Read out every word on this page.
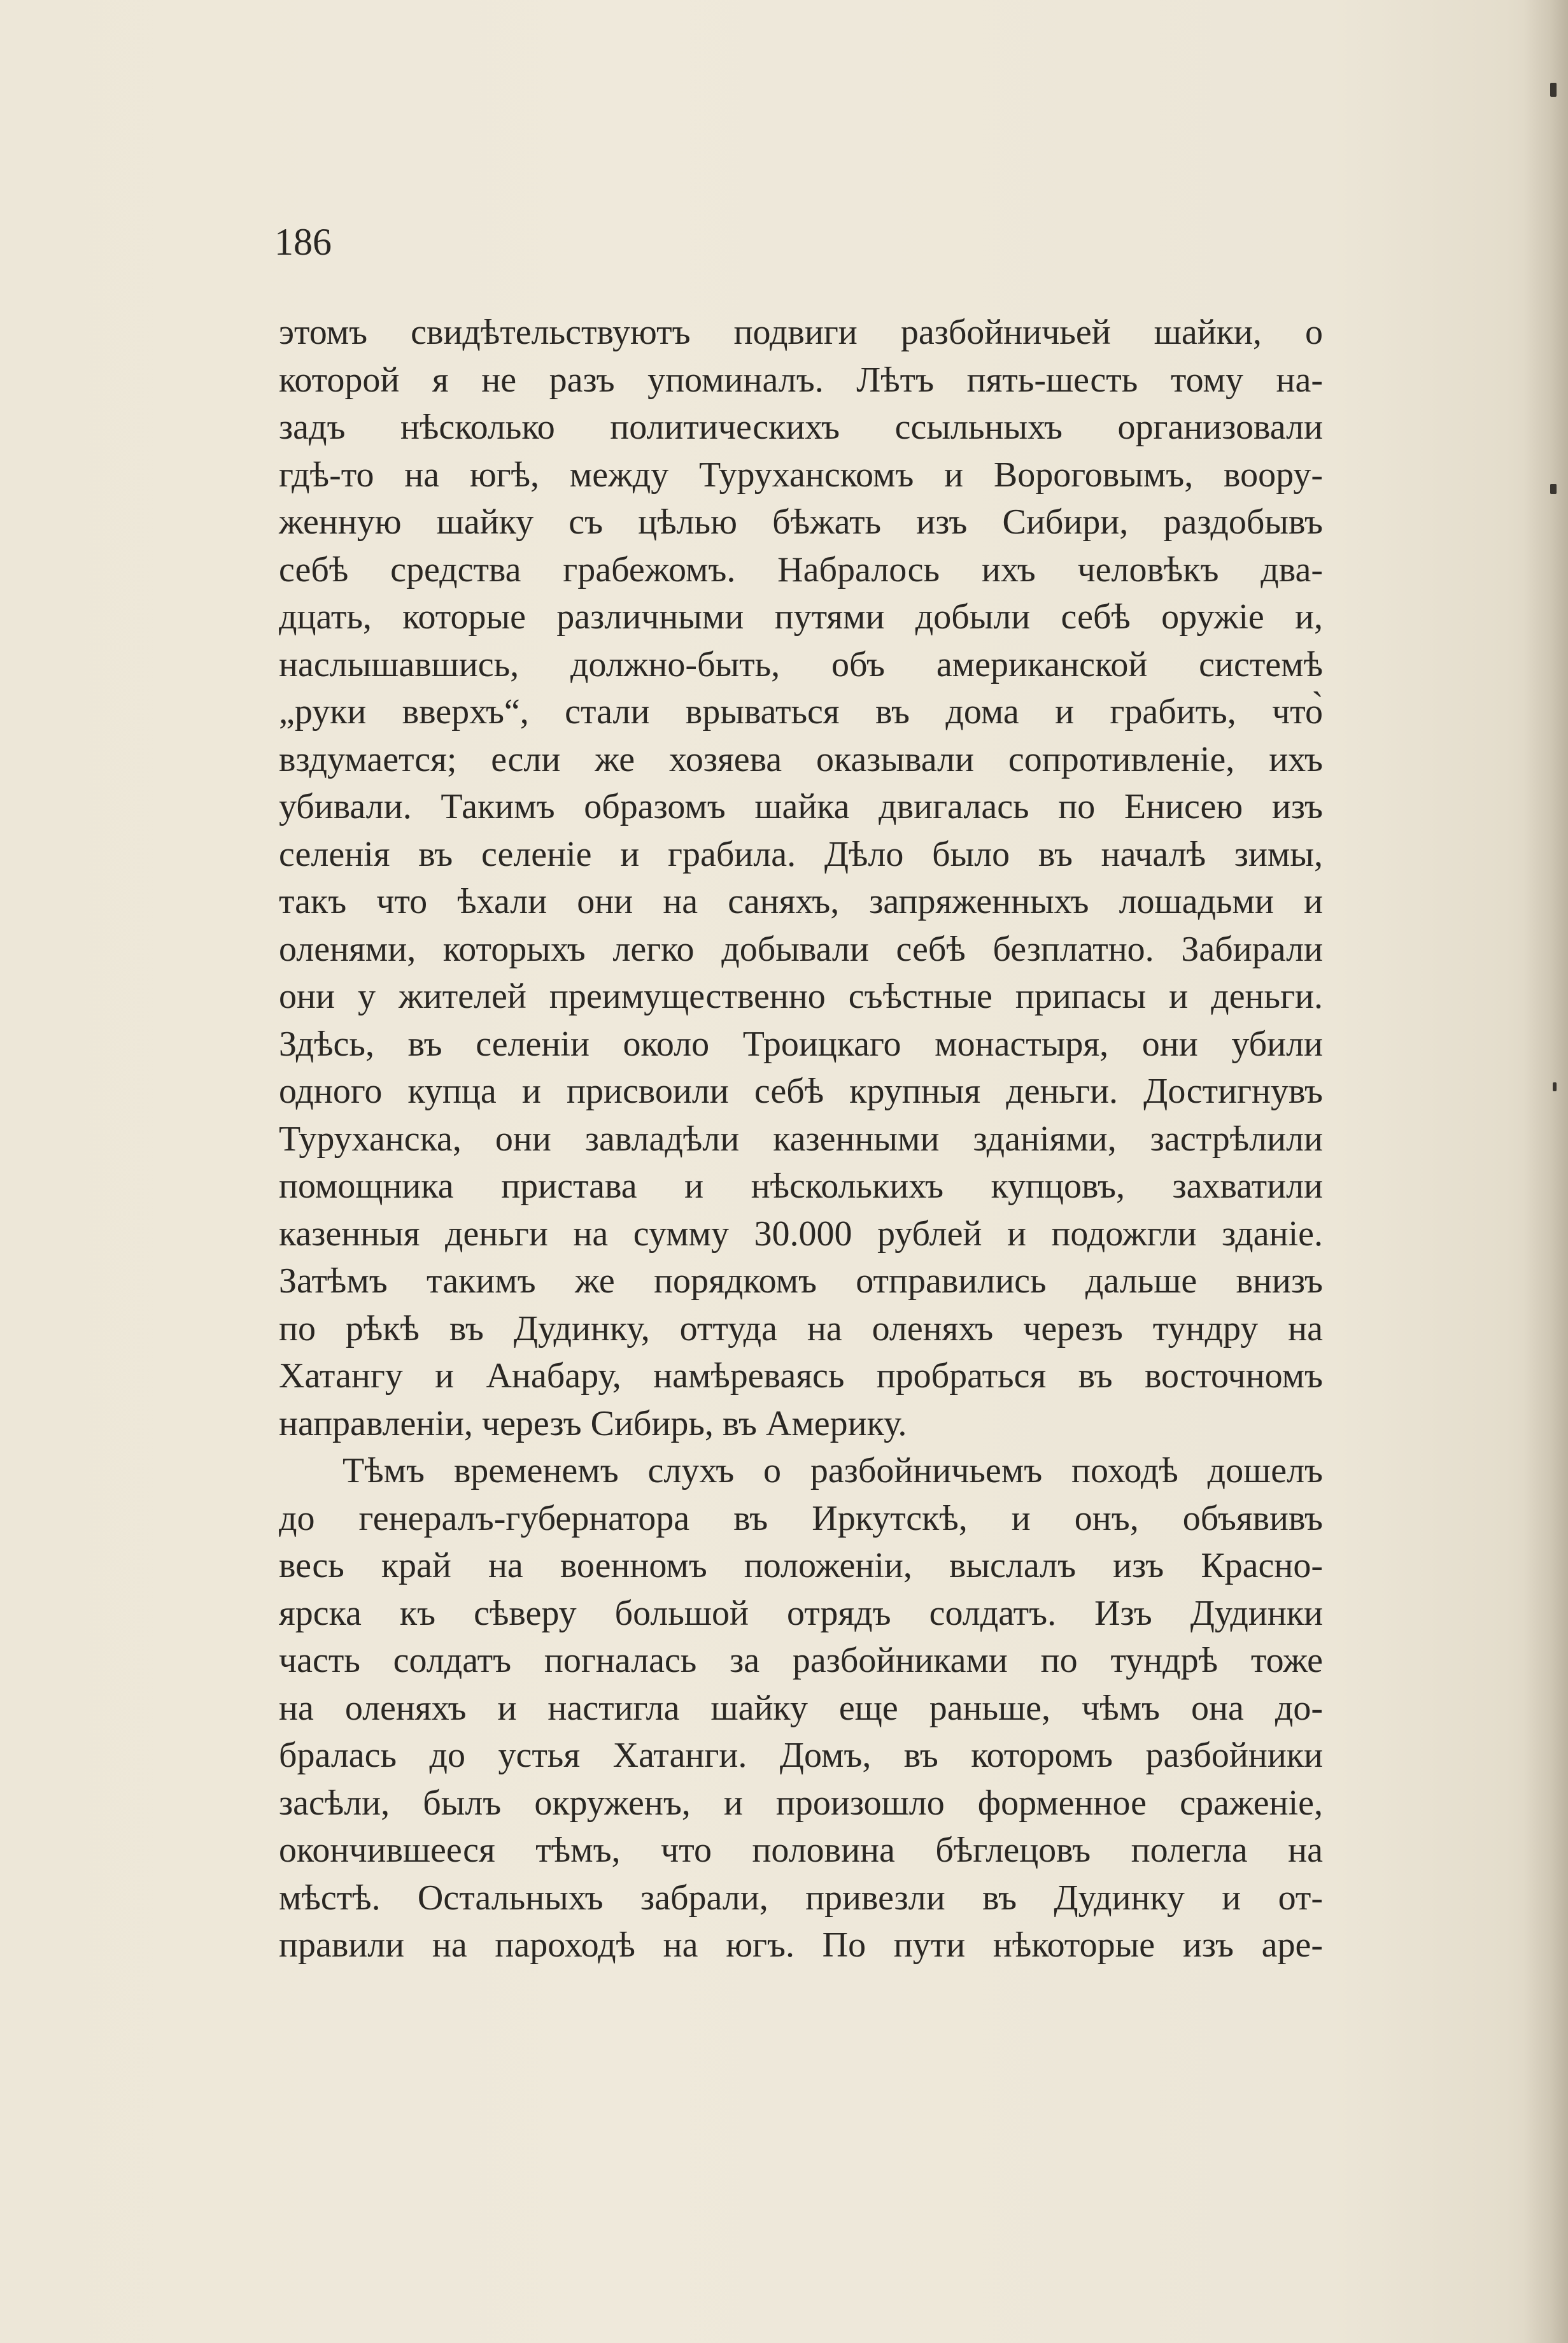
186

этомъ свидѣтельствуютъ подвиги разбойничьей шайки, о
которой я не разъ упоминалъ. Лѣтъ пять-шесть тому на-
задъ нѣсколько политическихъ ссыльныхъ организовали
гдѣ-то на югѣ, между Туруханскомъ и Вороговымъ, воору-
женную шайку съ цѣлью бѣжать изъ Сибири, раздобывъ
себѣ средства грабежомъ. Набралось ихъ человѣкъ два-
дцать, которые различными путями добыли себѣ оружіе и,
наслышавшись, должно-быть, объ американской системѣ
„руки вверхъ“, стали врываться въ дома и грабить, что̀
вздумается; если же хозяева оказывали сопротивленіе, ихъ
убивали. Такимъ образомъ шайка двигалась по Енисею изъ
селенія въ селеніе и грабила. Дѣло было въ началѣ зимы,
такъ что ѣхали они на саняхъ, запряженныхъ лошадьми и
оленями, которыхъ легко добывали себѣ безплатно. Забирали
они у жителей преимущественно съѣстные припасы и деньги.
Здѣсь, въ селеніи около Троицкаго монастыря, они убили
одного купца и присвоили себѣ крупныя деньги. Достигнувъ
Туруханска, они завладѣли казенными зданіями, застрѣлили
помощника пристава и нѣсколькихъ купцовъ, захватили
казенныя деньги на сумму 30.000 рублей и подожгли зданіе.
Затѣмъ такимъ же порядкомъ отправились дальше внизъ
по рѣкѣ въ Дудинку, оттуда на оленяхъ черезъ тундру на
Хатангу и Анабару, намѣреваясь пробраться въ восточномъ
направленіи, черезъ Сибирь, въ Америку.
Тѣмъ временемъ слухъ о разбойничьемъ походѣ дошелъ
до генералъ-губернатора въ Иркутскѣ, и онъ, объявивъ
весь край на военномъ положеніи, выслалъ изъ Красно-
ярска къ сѣверу большой отрядъ солдатъ. Изъ Дудинки
часть солдатъ погналась за разбойниками по тундрѣ тоже
на оленяхъ и настигла шайку еще раньше, чѣмъ она до-
бралась до устья Хатанги. Домъ, въ которомъ разбойники
засѣли, былъ окруженъ, и произошло форменное сраженіе,
окончившееся тѣмъ, что половина бѣглецовъ полегла на
мѣстѣ. Остальныхъ забрали, привезли въ Дудинку и от-
правили на пароходѣ на югъ. По пути нѣкоторые изъ аре-
